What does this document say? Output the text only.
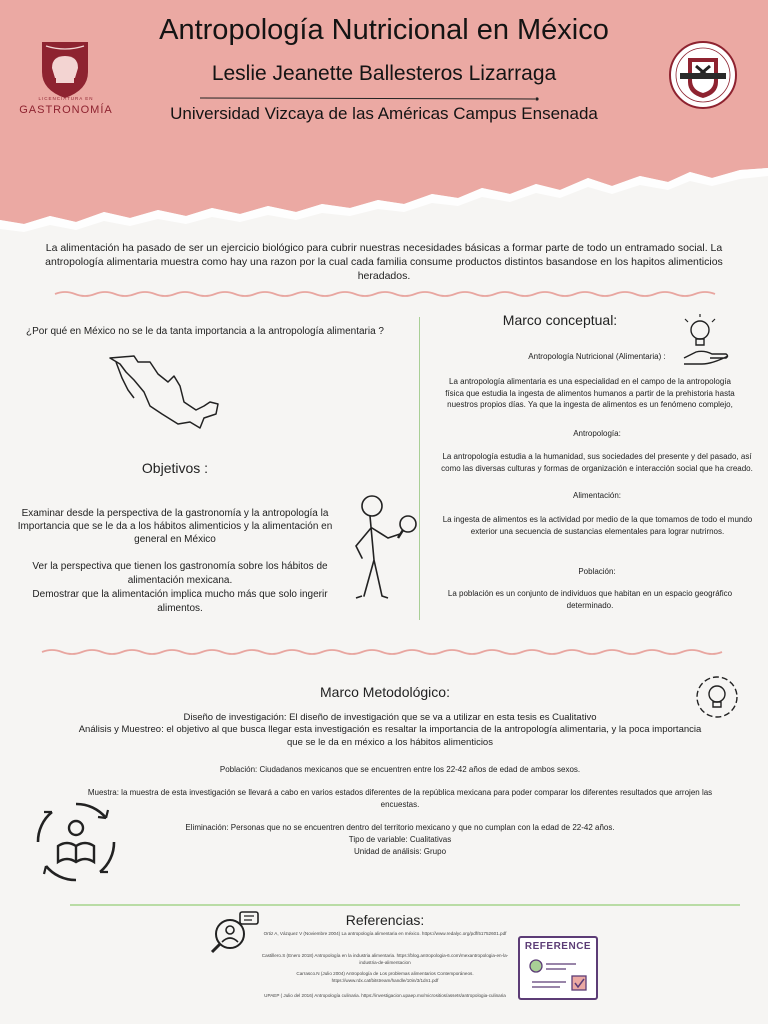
LICENCIATURA EN
GASTRONOMÍA
Antropología Nutricional en México
Leslie Jeanette Ballesteros Lizarraga
Universidad Vizcaya de las Américas Campus Ensenada
La alimentación ha pasado de ser un ejercicio biológico para cubrir nuestras necesidades básicas a formar parte de todo un entramado social. La antropología alimentaria muestra como hay una razon por la cual cada familia consume productos distintos basandose en los hapitos alimenticios heradados.
¿Por qué en México no se le da tanta importancia a la antropología alimentaria ?
Objetivos :
Examinar desde la perspectiva de la gastronomía y la antropología la Importancia que se le da a los hábitos alimenticios y la alimentación en general en México
Ver la perspectiva que tienen los gastronomía sobre los hábitos de alimentación mexicana.
Demostrar que la alimentación implica mucho más que solo ingerir alimentos.
Marco conceptual:
Antropología Nutricional (Alimentaria) :
La antropología alimentaria es una especialidad en el campo de la antropología física que estudia la ingesta de alimentos humanos a partir de la prehistoria hasta nuestros propios días. Ya que la ingesta de alimentos es un fenómeno complejo,
Antropología:
La antropología estudia a la humanidad, sus sociedades del presente y del pasado, así como las diversas culturas y formas de organización e interacción social que ha creado.
Alimentación:
La ingesta de alimentos es la actividad por medio de la que tomamos de todo el mundo exterior una secuencia de sustancias elementales para lograr nutrirnos.
Población:
La población es un conjunto de individuos que habitan en un espacio geográfico determinado.
Marco Metodológico:
Diseño de investigación: El diseño de investigación que se va a utilizar en esta tesis es Cualitativo
Análisis y Muestreo: el objetivo al que busca llegar esta investigación es resaltar la importancia de la antropología alimentaria, y la poca importancia que se le da en méxico a los hábitos alimenticios
Población: Ciudadanos mexicanos que se encuentren entre los 22-42 años de edad de ambos sexos.
Muestra: la muestra de esta investigación se llevará a cabo en varios estados diferentes de la república mexicana para poder comparar los diferentes resultados que arrojen las encuestas.
Eliminación: Personas que no se encuentren dentro del territorio mexicano y que no cumplan con la edad de 22-42 años.
Tipo de variable: Cualitativas
Unidad de análisis: Grupo
Referencias:
Ortiz A, Vázquez V (Noviembre 2004) La antropología alimentaria en méxico. https://www.redalyc.org/pdf/51752601.pdf
Castillero.S (Enero 2018) Antropología en la industria alimentaria. https://blog.antropologia-6.com/mexantropologia-en-la-industria-de-alimentacion
Carrasco.N (Julio 2004) Antropología de Los problemas alimentarios Contemporáneos. https://www.rdx.cat/bitstream/handle/10in/3/1dn1.pdf
UPAEP ( Julio del 2016) Antropología culinaria. https://investigacion.upaep.mx/micrositios/assets/antropologia-culinaria
REFERENCE
